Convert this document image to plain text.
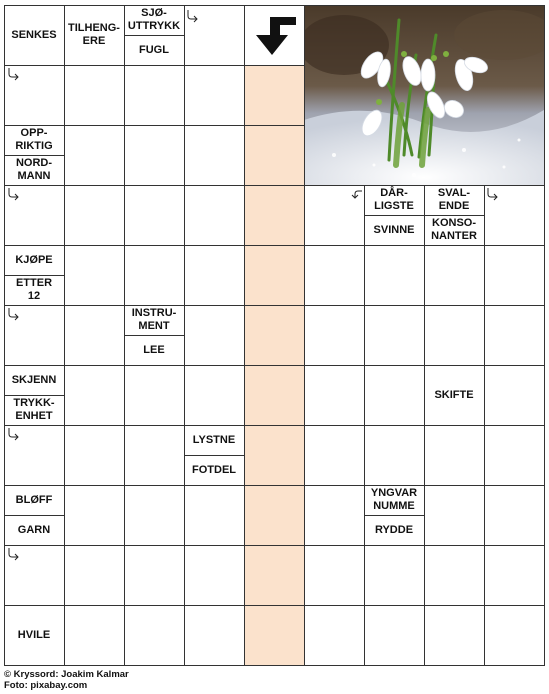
SENKES
TILHENG-
ERE
SJØ-
UTTRYKK
FUGL
OPP-
RIKTIG
NORD-
MANN
DÅR-
LIGSTE
SVINNE
SVAL-
ENDE
KONSO-
NANTER
KJØPE
ETTER
12
INSTRU-
MENT
LEE
SKJENN
TRYKK-
ENHET
SKIFTE
LYSTNE
FOTDEL
BLØFF
GARN
YNGVAR
NUMME
RYDDE
HVILE
© Kryssord: Joakim Kalmar
Foto: pixabay.com
